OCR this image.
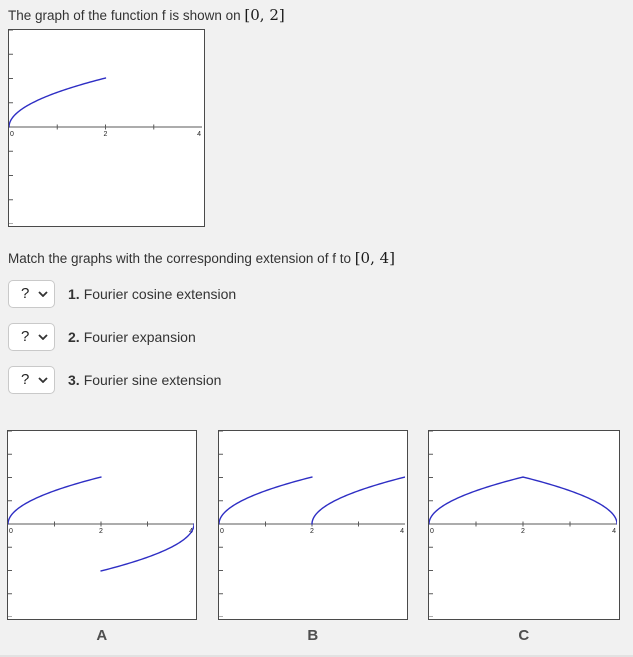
The graph of the function f is shown on [0, 2]
0	2	4
Match the graphs with the corresponding extension of f to [0, 4]
?
1. Fourier cosine extension
?
2. Fourier expansion
?
3. Fourier sine extension
0	2	4	0	2	4	0	2	4
A	B	C
